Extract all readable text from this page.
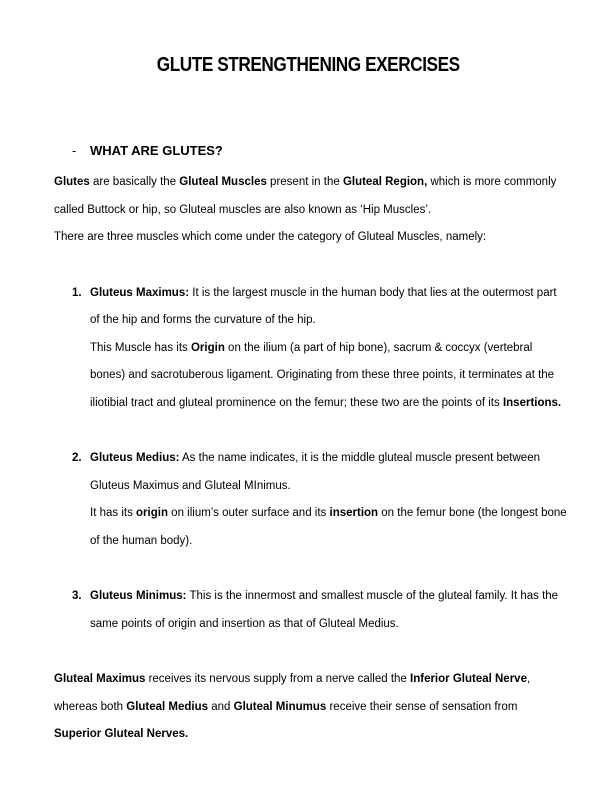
GLUTE STRENGTHENING EXERCISES
- WHAT ARE GLUTES?
Glutes are basically the Gluteal Muscles present in the Gluteal Region, which is more commonly
called Buttock or hip, so Gluteal muscles are also known as ‘Hip Muscles’.
There are three muscles which come under the category of Gluteal Muscles, namely:
1. Gluteus Maximus: It is the largest muscle in the human body that lies at the outermost part
of the hip and forms the curvature of the hip.
This Muscle has its Origin on the ilium (a part of hip bone), sacrum & coccyx (vertebral
bones) and sacrotuberous ligament. Originating from these three points, it terminates at the
iliotibial tract and gluteal prominence on the femur; these two are the points of its Insertions.
2. Gluteus Medius: As the name indicates, it is the middle gluteal muscle present between
Gluteus Maximus and Gluteal MInimus.
It has its origin on ilium’s outer surface and its insertion on the femur bone (the longest bone
of the human body).
3. Gluteus Minimus: This is the innermost and smallest muscle of the gluteal family. It has the
same points of origin and insertion as that of Gluteal Medius.
Gluteal Maximus receives its nervous supply from a nerve called the Inferior Gluteal Nerve,
whereas both Gluteal Medius and Gluteal Minumus receive their sense of sensation from
Superior Gluteal Nerves.
